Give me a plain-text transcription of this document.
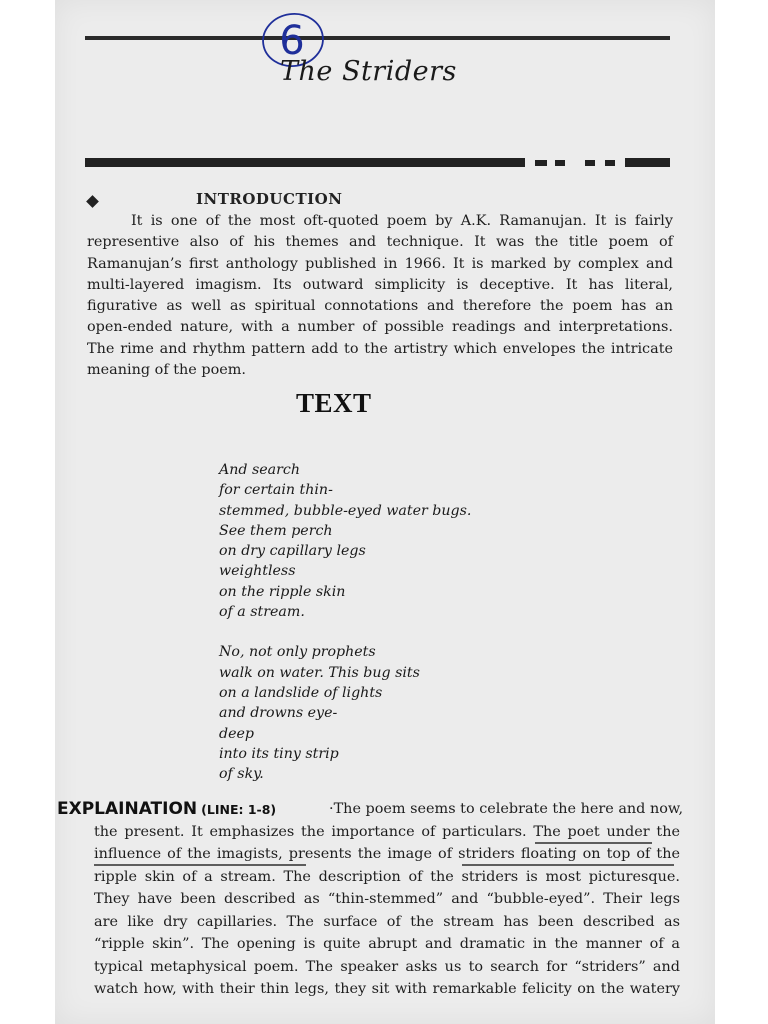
6
The Striders
INTRODUCTION
It is one of the most oft-quoted poem by A.K. Ramanujan. It is fairly
representive also of his themes and technique. It was the title poem of
Ramanujan’s first anthology published in 1966. It is marked by complex and
multi-layered imagism. Its outward simplicity is deceptive. It has literal,
figurative as well as spiritual connotations and therefore the poem has an
open-ended nature, with a number of possible readings and interpretations.
The rime and rhythm pattern add to the artistry which envelopes the intricate
meaning of the poem.
TEXT
And search
for certain thin-
stemmed, bubble-eyed water bugs.
See them perch
on dry capillary legs
weightless
on the ripple skin
of a stream.
No, not only prophets
walk on water. This bug sits
on a landslide of lights
and drowns eye-
deep
into its tiny strip
of sky.
EXPLAINATION (LINE: 1-8)	·The poem seems to celebrate the here and now,
the present. It emphasizes the importance of particulars. The poet under the
influence of the imagists, presents the image of striders floating on top of the
ripple skin of a stream. The description of the striders is most picturesque.
They have been described as “thin-stemmed” and “bubble-eyed”. Their legs
are like dry capillaries. The surface of the stream has been described as
“ripple skin”. The opening is quite abrupt and dramatic in the manner of a
typical metaphysical poem. The speaker asks us to search for “striders” and
watch how, with their thin legs, they sit with remarkable felicity on the watery
